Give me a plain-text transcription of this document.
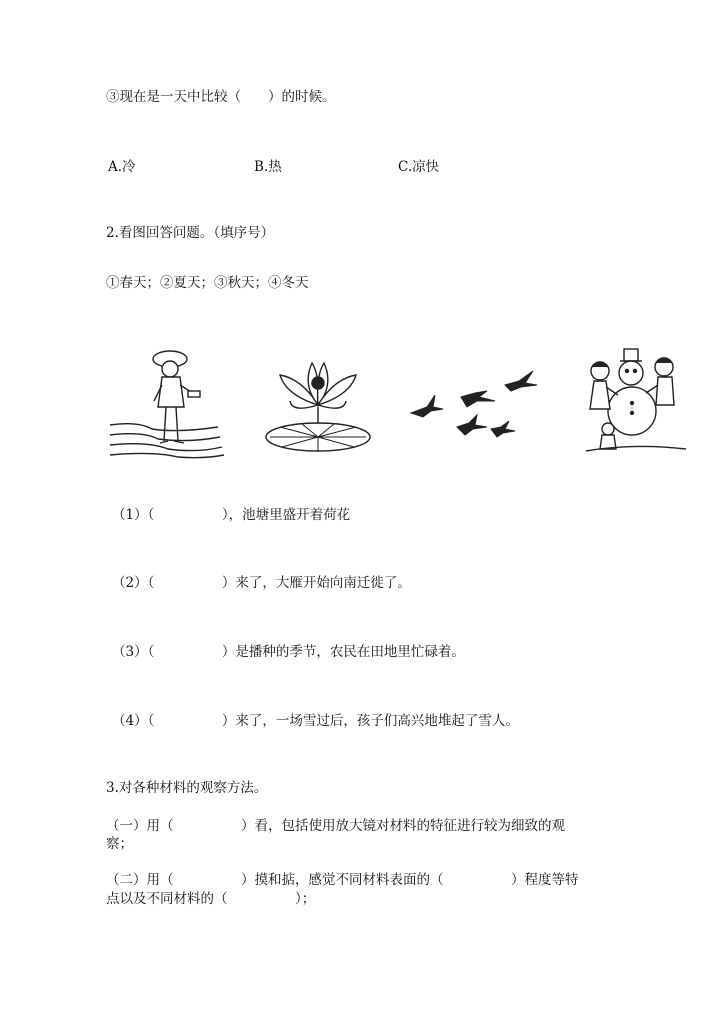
③现在是一天中比较（　　）的时候。
A.冷	B.热	C.凉快
2.看图回答问题。（填序号）
①春天；②夏天；③秋天；④冬天
（1）（　　　　　），池塘里盛开着荷花
（2）（　　　　　）来了，大雁开始向南迁徙了。
（3）（　　　　　）是播种的季节，农民在田地里忙碌着。
（4）（　　　　　）来了，一场雪过后，孩子们高兴地堆起了雪人。
3.对各种材料的观察方法。
（一）用（　　　　　）看，包括使用放大镜对材料的特征进行较为细致的观
察；
（二）用（　　　　　）摸和掂，感觉不同材料表面的（　　　　　）程度等特
点以及不同材料的（　　　　　）；
